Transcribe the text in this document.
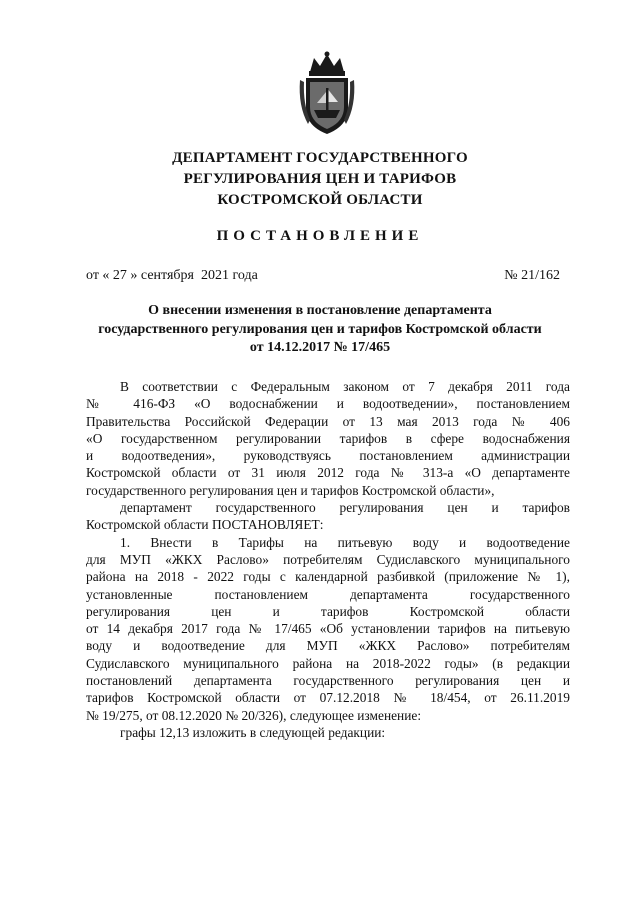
ДЕПАРТАМЕНТ ГОСУДАРСТВЕННОГО
РЕГУЛИРОВАНИЯ ЦЕН И ТАРИФОВ
КОСТРОМСКОЙ ОБЛАСТИ
ПОСТАНОВЛЕНИЕ
от « 27 » сентября  2021 года	№ 21/162
О внесении изменения в постановление департамента
государственного регулирования цен и тарифов Костромской области
от 14.12.2017 № 17/465
В соответствии с Федеральным законом от 7 декабря 2011 года
№ 416-ФЗ «О водоснабжении и водоотведении», постановлением
Правительства Российской Федерации от 13 мая 2013 года № 406
«О государственном регулировании тарифов в сфере водоснабжения
и водоотведения», руководствуясь постановлением администрации
Костромской области от 31 июля 2012 года № 313-а «О департаменте
государственного регулирования цен и тарифов Костромской области»,
департамент государственного регулирования цен и тарифов
Костромской области ПОСТАНОВЛЯЕТ:
1. Внести в Тарифы на питьевую воду и водоотведение
для МУП «ЖКХ Раслово» потребителям Судиславского муниципального
района на 2018 - 2022 годы с календарной разбивкой (приложение № 1),
установленные постановлением департамента государственного
регулирования цен и тарифов Костромской области
от 14 декабря 2017 года № 17/465 «Об установлении тарифов на питьевую
воду и водоотведение для МУП «ЖКХ Раслово» потребителям
Судиславского муниципального района на 2018-2022 годы» (в редакции
постановлений департамента государственного регулирования цен и
тарифов Костромской области от 07.12.2018 № 18/454, от 26.11.2019
№ 19/275, от 08.12.2020 № 20/326), следующее изменение:
графы 12,13 изложить в следующей редакции:
